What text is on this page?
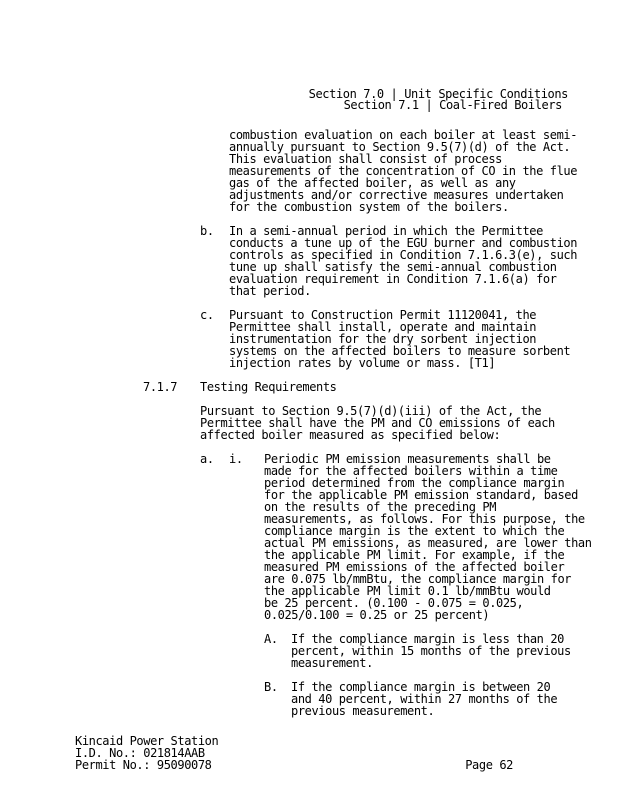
Section 7.0 | Unit Specific Conditions
Section 7.1 | Coal-Fired Boilers
combustion evaluation on each boiler at least semi-
annually pursuant to Section 9.5(7)(d) of the Act.
This evaluation shall consist of process
measurements of the concentration of CO in the flue
gas of the affected boiler, as well as any
adjustments and/or corrective measures undertaken
for the combustion system of the boilers.
b. In a semi-annual period in which the Permittee
conducts a tune up of the EGU burner and combustion
controls as specified in Condition 7.1.6.3(e), such
tune up shall satisfy the semi-annual combustion
evaluation requirement in Condition 7.1.6(a) for
that period.
c. Pursuant to Construction Permit 11120041, the
Permittee shall install, operate and maintain
instrumentation for the dry sorbent injection
systems on the affected boilers to measure sorbent
injection rates by volume or mass. [T1]
7.1.7 Testing Requirements
Pursuant to Section 9.5(7)(d)(iii) of the Act, the
Permittee shall have the PM and CO emissions of each
affected boiler measured as specified below:
a. i. Periodic PM emission measurements shall be
made for the affected boilers within a time
period determined from the compliance margin
for the applicable PM emission standard, based
on the results of the preceding PM
measurements, as follows. For this purpose, the
compliance margin is the extent to which the
actual PM emissions, as measured, are lower than
the applicable PM limit. For example, if the
measured PM emissions of the affected boiler
are 0.075 lb/mmBtu, the compliance margin for
the applicable PM limit 0.1 lb/mmBtu would
be 25 percent. (0.100 - 0.075 = 0.025,
0.025/0.100 = 0.25 or 25 percent)
A. If the compliance margin is less than 20
percent, within 15 months of the previous
measurement.
B. If the compliance margin is between 20
and 40 percent, within 27 months of the
previous measurement.
Kincaid Power Station
I.D. No.: 021814AAB
Permit No.: 95090078	Page 62
